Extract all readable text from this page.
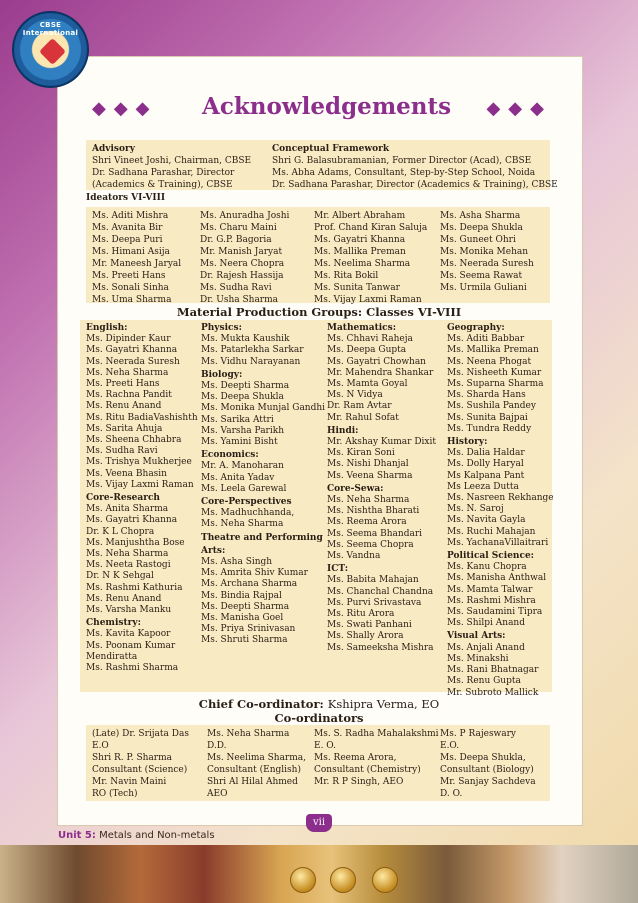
CBSE International
◆◆◆ Acknowledgements ◆◆◆
Advisory
Shri Vineet Joshi, Chairman, CBSE
Dr. Sadhana Parashar, Director
(Academics & Training), CBSE
Conceptual Framework
Shri G. Balasubramanian, Former Director (Acad), CBSE
Ms. Abha Adams, Consultant, Step-by-Step School, Noida
Dr. Sadhana Parashar, Director (Academics & Training), CBSE
Ideators VI-VIII
Ms. Aditi Mishra
Ms. Avanita Bir
Ms. Deepa Puri
Ms. Himani Asija
Mr. Maneesh Jaryal
Ms. Preeti Hans
Ms. Sonali Sinha
Ms. Uma Sharma
Ms. Anuradha Joshi
Ms. Charu Maini
Dr. G.P. Bagoria
Mr. Manish Jaryat
Ms. Neera Chopra
Dr. Rajesh Hassija
Ms. Sudha Ravi
Dr. Usha Sharma
Mr. Albert Abraham
Prof. Chand Kiran Saluja
Ms. Gayatri Khanna
Ms. Mallika Preman
Ms. Neelima Sharma
Ms. Rita Bokil
Ms. Sunita Tanwar
Ms. Vijay Laxmi Raman
Ms. Asha Sharma
Ms. Deepa Shukla
Ms. Guneet Ohri
Ms. Monika Mehan
Ms. Neerada Suresh
Ms. Seema Rawat
Ms. Urmila Guliani
Material Production Groups: Classes VI-VIII
English:
Ms. Dipinder Kaur
Ms. Gayatri Khanna
Ms. Neerada Suresh
Ms. Neha Sharma
Ms. Preeti Hans
Ms. Rachna Pandit
Ms. Renu Anand
Ms. Ritu BadiaVashishth
Ms. Sarita Ahuja
Ms. Sheena Chhabra
Ms. Sudha Ravi
Ms. Trishya Mukherjee
Ms. Veena Bhasin
Ms. Vijay Laxmi Raman
Core-Research
Ms. Anita Sharma
Ms. Gayatri Khanna
Dr. K L Chopra
Ms. Manjushtha Bose
Ms. Neha Sharma
Ms. Neeta Rastogi
Dr. N K Sehgal
Ms. Rashmi Kathuria
Ms. Renu Anand
Ms. Varsha Manku
Chemistry:
Ms. Kavita Kapoor
Ms. Poonam Kumar
Mendiratta
Ms. Rashmi Sharma
Physics:
Ms. Mukta Kaushik
Ms. Patarlekha Sarkar
Ms. Vidhu Narayanan
Biology:
Ms. Deepti Sharma
Ms. Deepa Shukla
Ms. Monika Munjal Gandhi
Ms. Sarika Attri
Ms. Varsha Parikh
Ms. Yamini Bisht
Economics:
Mr. A. Manoharan
Ms. Anita Yadav
Ms. Leela Garewal
Core-Perspectives
Ms. Madhuchhanda,
Ms. Neha Sharma
Theatre and Performing
Arts:
Ms. Asha Singh
Ms. Amrita Shiv Kumar
Ms. Archana Sharma
Ms. Bindia Rajpal
Ms. Deepti Sharma
Ms. Manisha Goel
Ms. Priya Srinivasan
Ms. Shruti Sharma
Mathematics:
Ms. Chhavi Raheja
Ms. Deepa Gupta
Ms. Gayatri Chowhan
Mr. Mahendra Shankar
Ms. Mamta Goyal
Ms. N Vidya
Dr. Ram Avtar
Mr. Rahul Sofat
Hindi:
Mr. Akshay Kumar Dixit
Ms. Kiran Soni
Ms. Nishi Dhanjal
Ms. Veena Sharma
Core-Sewa:
Ms. Neha Sharma
Ms. Nishtha Bharati
Ms. Reema Arora
Ms. Seema Bhandari
Ms. Seema Chopra
Ms. Vandna
ICT:
Ms. Babita Mahajan
Ms. Chanchal Chandna
Ms. Purvi Srivastava
Ms. Ritu Arora
Ms. Swati Panhani
Ms. Shally Arora
Ms. Sameeksha Mishra
Geography:
Ms. Aditi Babbar
Ms. Mallika Preman
Ms. Neena Phogat
Ms. Nisheeth Kumar
Ms. Suparna Sharma
Ms. Sharda Hans
Ms. Sushila Pandey
Ms. Sunita Bajpai
Ms. Tundra Reddy
History:
Ms. Dalia Haldar
Ms. Dolly Haryal
Ms Kalpana Pant
Ms Leeza Dutta
Ms. Nasreen Rekhange
Ms. N. Saroj
Ms. Navita Gayla
Ms. Ruchi Mahajan
Ms. YachanaVillaitrari
Political Science:
Ms. Kanu Chopra
Ms. Manisha Anthwal
Ms. Mamta Talwar
Ms. Rashmi Mishra
Ms. Saudamini Tipra
Ms. Shilpi Anand
Visual Arts:
Ms. Anjali Anand
Ms. Minakshi
Ms. Rani Bhatnagar
Ms. Renu Gupta
Mr. Subroto Mallick
Chief Co-ordinator: Kshipra Verma, EO
Co-ordinators
(Late) Dr. Srijata Das
E.O
Shri R. P. Sharma
Consultant (Science)
Mr. Navin Maini
RO (Tech)
Ms. Neha Sharma
D.D.
Ms. Neelima Sharma,
Consultant (English)
Shri Al Hilal Ahmed
AEO
Ms. S. Radha Mahalakshmi
E. O.
Ms. Reema Arora,
Consultant (Chemistry)
Mr. R P Singh, AEO
Ms. P Rajeswary
E.O.
Ms. Deepa Shukla,
Consultant (Biology)
Mr. Sanjay Sachdeva
D. O.
vii
Unit 5: Metals and Non-metals
